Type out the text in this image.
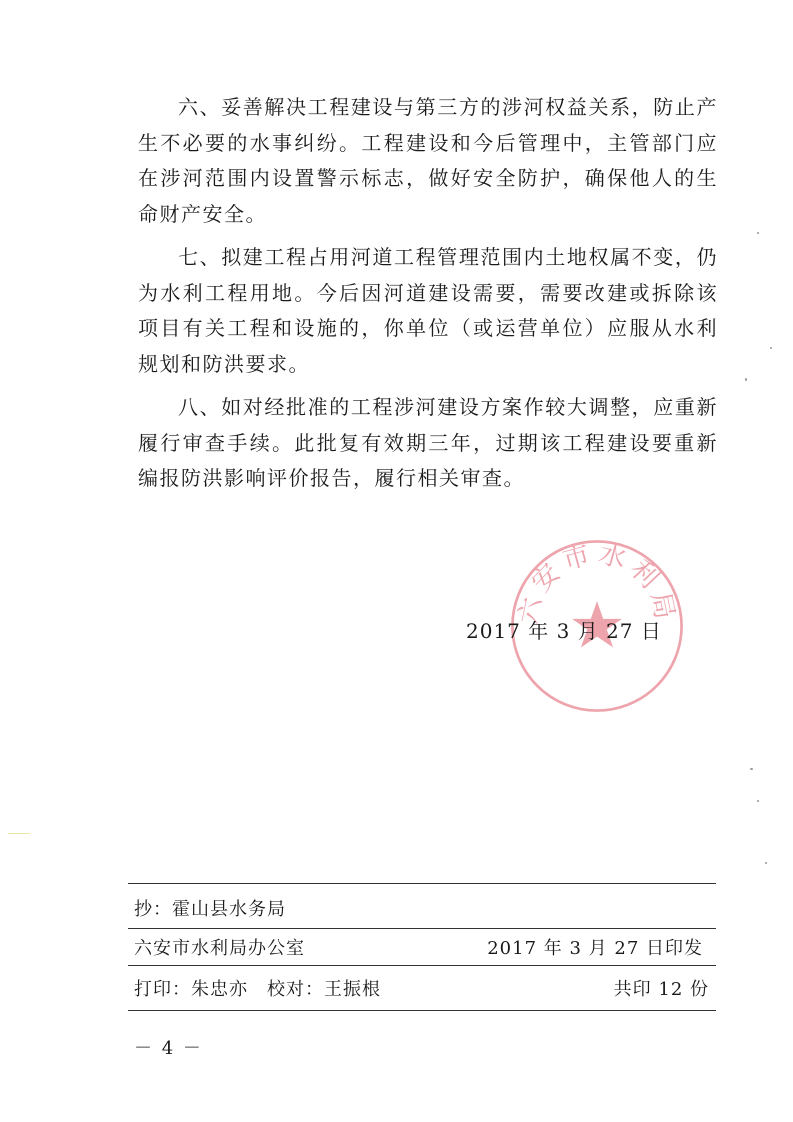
六、妥善解决工程建设与第三方的涉河权益关系，防止产生不必要的水事纠纷。工程建设和今后管理中，主管部门应在涉河范围内设置警示标志，做好安全防护，确保他人的生命财产安全。

七、拟建工程占用河道工程管理范围内土地权属不变，仍为水利工程用地。今后因河道建设需要，需要改建或拆除该项目有关工程和设施的，你单位（或运营单位）应服从水利规划和防洪要求。

八、如对经批准的工程涉河建设方案作较大调整，应重新履行审查手续。此批复有效期三年，过期该工程建设要重新编报防洪影响评价报告，履行相关审查。

六安市水利局
2017 年 3 月 27 日
抄：霍山县水务局
六安市水利局办公室	2017 年 3 月 27 日印发
打印：朱忠亦　校对：王振根	共印 12 份
－ 4 －
